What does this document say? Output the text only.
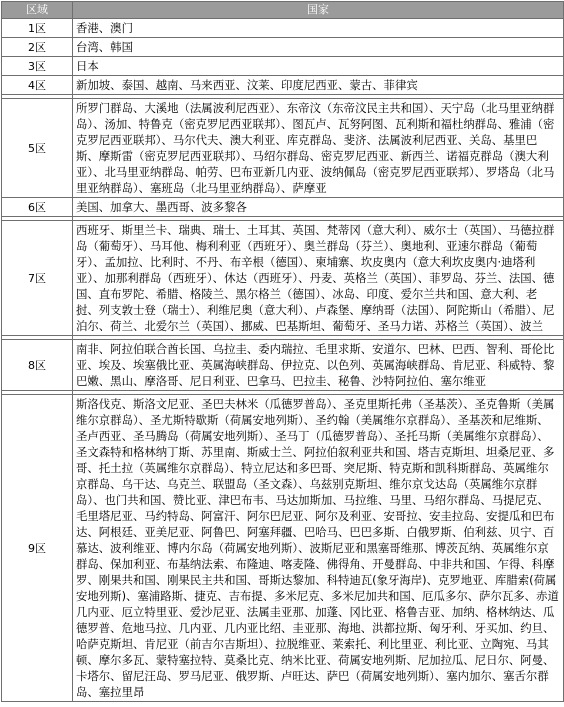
区域	国家
1区	香港、澳门
2区	台湾、韩国
3区	日本
4区	新加坡、泰国、越南、马来西亚、汶莱、印度尼西亚、蒙古、菲律宾

5区	所罗门群岛、大溪地（法属波利尼西亚）、东帝汶（东帝汶民主共和国）、天宁岛（北马里亚纳群岛）、汤加、特鲁克（密克罗尼西亚联邦）、图瓦卢、瓦努阿图、瓦利斯和福杜纳群岛、雅浦（密克罗尼西亚联邦）、马尔代夫、澳大利亚、库克群岛、斐济、法属波利尼西亚、关岛、基里巴斯、摩斯雷（密克罗尼西亚联邦）、马绍尔群岛、密克罗尼西亚、新西兰、诺福克群岛（澳大利亚）、北马里亚纳群岛、帕劳、巴布亚新几内亚、波纳佩岛（密克罗尼西亚联邦）、罗塔岛（北马里亚纳群岛）、塞班岛（北马里亚纳群岛）、萨摩亚
6区	美国、加拿大、墨西哥、波多黎各

7区	西班牙、斯里兰卡、瑞典、瑞士、土耳其、英国、梵蒂冈（意大利）、威尔士（英国）、马德拉群岛（葡萄牙）、马耳他、梅利利亚（西班牙）、奥兰群岛（芬兰）、奥地利、亚速尔群岛（葡萄牙）、孟加拉、比利时、不丹、布辛根（德国）、柬埔寨、坎皮奥内（意大利坎皮奥内·迪塔利亚）、加那利群岛（西班牙）、休达（西班牙）、丹麦、英格兰（英国）、菲罗岛、芬兰、法国、德国、直布罗陀、希腊、格陵兰、黑尔格兰（德国）、冰岛、印度、爱尔兰共和国、意大利、老挝、列支敦士登（瑞士）、利维尼奥（意大利）、卢森堡、摩纳哥（法国）、阿陀斯山（希腊）、尼泊尔、荷兰、北爱尔兰（英国）、挪威、巴基斯坦、葡萄牙、圣马力诺、苏格兰（英国）、波兰

8区	南非、阿拉伯联合酋长国、乌拉圭、委内瑞拉、毛里求斯、安道尔、巴林、巴西、智利、哥伦比亚、埃及、埃塞俄比亚、英属海峡群岛、伊拉克、以色列、英属海峡群岛、肯尼亚、科威特、黎巴嫩、黑山、摩洛哥、尼日利亚、巴拿马、巴拉圭、秘鲁、沙特阿拉伯、塞尔维亚

9区	斯洛伐克、斯洛文尼亚、圣巴夫林米（瓜德罗普岛）、圣克里斯托弗（圣基茨）、圣克鲁斯（美属维尔京群岛）、圣尤斯特歇斯（荷属安地列斯）、圣约翰（美属维尔京群岛）、圣基茨和尼维斯、圣卢西亚、圣马腾岛（荷属安地列斯）、圣马丁（瓜德罗普岛）、圣托马斯（美属维尔京群岛）、圣文森特和格林纳丁斯、苏里南、斯威士兰、阿拉伯叙利亚共和国、塔吉克斯坦、坦桑尼亚、多哥、托土拉（英属维尔京群岛）、特立尼达和多巴哥、突尼斯、特克斯和凯科斯群岛、英属维尔京群岛、乌干达、乌克兰、联盟岛（圣文森）、乌兹别克斯坦、维尔京戈达岛（英属维尔京群岛）、也门共和国、赞比亚、津巴布韦、马达加斯加、马拉维、马里、马绍尔群岛、马提尼克、毛里塔尼亚、马约特岛、阿富汗、阿尔巴尼亚、阿尔及利亚、安哥拉、安圭拉岛、安提瓜和巴布达、阿根廷、亚美尼亚、阿鲁巴、阿塞拜疆、巴哈马、巴巴多斯、白俄罗斯、伯利兹、贝宁、百慕达、波利维亚、博内尔岛（荷属安地列斯）、波斯尼亚和黑塞哥维那、博茨瓦纳、英属维尔京群岛、保加利亚、布基纳法索、布隆迪、喀麦隆、佛得角、开曼群岛、中非共和国、乍得、科摩罗、刚果共和国、刚果民主共和国、哥斯达黎加、科特迪瓦(象牙海岸)、克罗地亚、库腊索(荷属安地列斯)、塞浦路斯、捷克、吉布提、多米尼克、多米尼加共和国、厄瓜多尔、萨尔瓦多、赤道几内亚、厄立特里亚、爱沙尼亚、法属圭亚那、加蓬、冈比亚、格鲁吉亚、加纳、格林纳达、瓜德罗普、危地马拉、几内亚、几内亚比绍、圭亚那、海地、洪都拉斯、匈牙利、牙买加、约旦、哈萨克斯坦、肯尼亚（前吉尔吉斯坦）、拉脱维亚、莱索托、利比里亚、利比亚、立陶宛、马其顿、摩尔多瓦、蒙特塞拉特、莫桑比克、纳米比亚、荷属安地列斯、尼加拉瓜、尼日尔、阿曼、卡塔尔、留尼汪岛、罗马尼亚、俄罗斯、卢旺达、萨巴（荷属安地列斯）、塞内加尔、塞舌尔群岛、塞拉里昂
